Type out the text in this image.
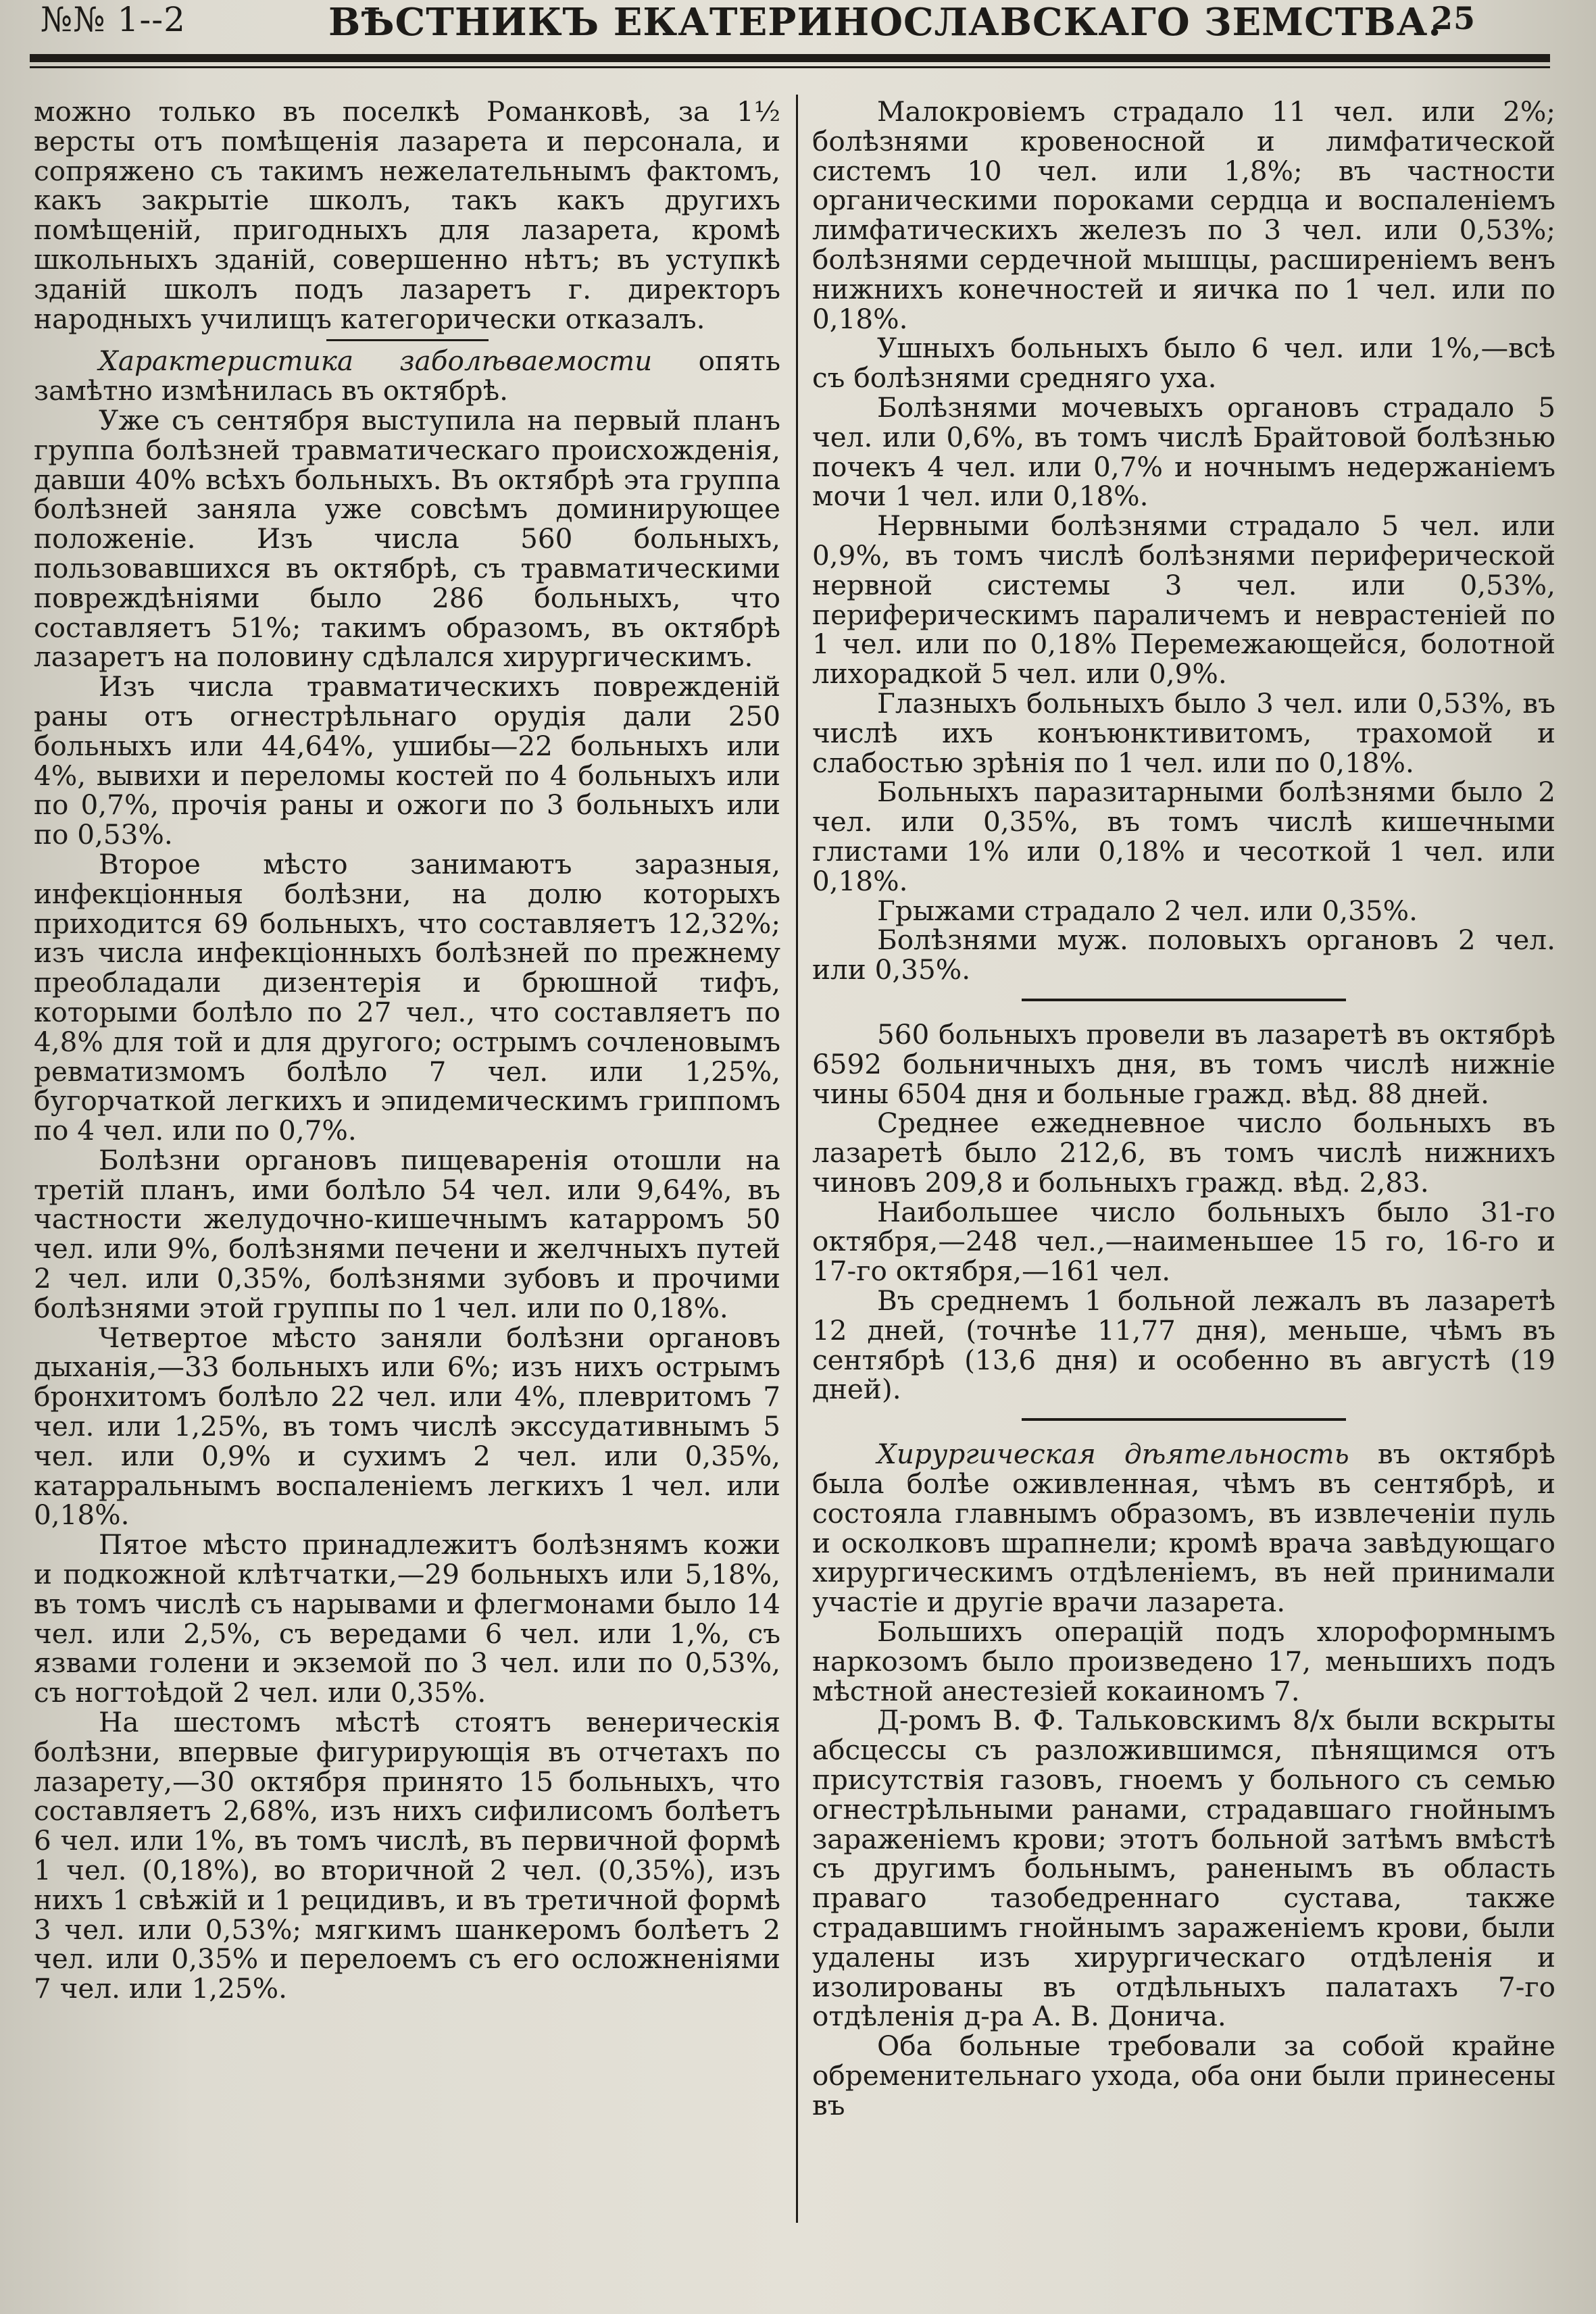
№№ 1--2	ВѢСТНИКЪ ЕКАТЕРИНОСЛАВСКАГО ЗЕМСТВА.
25

можно только въ поселкѣ Романковѣ, за 1½ версты отъ помѣщенія лазарета и персонала, и сопряжено съ такимъ нежелательнымъ фактомъ, какъ закрытіе школъ, такъ какъ другихъ помѣщеній, пригодныхъ для лазарета, кромѣ школьныхъ зданій, совершенно нѣтъ; въ уступкѣ зданій школъ подъ лазаретъ г. директоръ народныхъ училищъ категорически отказалъ.

Характеристика заболѣваемости опять замѣтно измѣнилась въ октябрѣ.

Уже съ сентября выступила на первый планъ группа болѣзней травматическаго происхожденія, давши 40% всѣхъ больныхъ. Въ октябрѣ эта группа болѣзней заняла уже совсѣмъ доминирующее положеніе. Изъ числа 560 больныхъ, пользовавшихся въ октябрѣ, съ травматическими повреждѣніями было 286 больныхъ, что составляетъ 51%; такимъ образомъ, въ октябрѣ лазаретъ на половину сдѣлался хирургическимъ.

Изъ числа травматическихъ поврежденій раны отъ огнестрѣльнаго орудія дали 250 больныхъ или 44,64%, ушибы—22 больныхъ или 4%, вывихи и переломы костей по 4 больныхъ или по 0,7%, прочія раны и ожоги по 3 больныхъ или по 0,53%.

Второе мѣсто занимаютъ заразныя, инфекціонныя болѣзни, на долю которыхъ приходится 69 больныхъ, что составляетъ 12,32%; изъ числа инфекціонныхъ болѣзней по прежнему преобладали дизентерія и брюшной тифъ, которыми болѣло по 27 чел., что составляетъ по 4,8% для той и для другого; острымъ сочленовымъ ревматизмомъ болѣло 7 чел. или 1,25%, бугорчаткой легкихъ и эпидемическимъ гриппомъ по 4 чел. или по 0,7%.

Болѣзни органовъ пищеваренія отошли на третій планъ, ими болѣло 54 чел. или 9,64%, въ частности желудочно-кишечнымъ катарромъ 50 чел. или 9%, болѣзнями печени и желчныхъ путей 2 чел. или 0,35%, болѣзнями зубовъ и прочими болѣзнями этой группы по 1 чел. или по 0,18%.

Четвертое мѣсто заняли болѣзни органовъ дыханія,—33 больныхъ или 6%; изъ нихъ острымъ бронхитомъ болѣло 22 чел. или 4%, плевритомъ 7 чел. или 1,25%, въ томъ числѣ экссудативнымъ 5 чел. или 0,9% и сухимъ 2 чел. или 0,35%, катарральнымъ воспаленіемъ легкихъ 1 чел. или 0,18%.

Пятое мѣсто принадлежитъ болѣзнямъ кожи и подкожной клѣтчатки,—29 больныхъ или 5,18%, въ томъ числѣ съ нарывами и флегмонами было 14 чел. или 2,5%, съ вередами 6 чел. или 1,%, съ язвами голени и экземой по 3 чел. или по 0,53%, съ ногтоѣдой 2 чел. или 0,35%.

На шестомъ мѣстѣ стоятъ венерическія болѣзни, впервые фигурирующія въ отчетахъ по лазарету,—30 октября принято 15 больныхъ, что составляетъ 2,68%, изъ нихъ сифилисомъ болѣетъ 6 чел. или 1%, въ томъ числѣ, въ первичной формѣ 1 чел. (0,18%), во вторичной 2 чел. (0,35%), изъ нихъ 1 свѣжій и 1 рецидивъ, и въ третичной формѣ 3 чел. или 0,53%; мягкимъ шанкеромъ болѣетъ 2 чел. или 0,35% и перелоемъ съ его осложненіями 7 чел. или 1,25%.

Малокровіемъ страдало 11 чел. или 2%; болѣзнями кровеносной и лимфатической системъ 10 чел. или 1,8%; въ частности органическими пороками сердца и воспаленіемъ лимфатическихъ железъ по 3 чел. или 0,53%; болѣзнями сердечной мышцы, расширеніемъ венъ нижнихъ конечностей и яичка по 1 чел. или по 0,18%.

Ушныхъ больныхъ было 6 чел. или 1%,—всѣ съ болѣзнями средняго уха.

Болѣзнями мочевыхъ органовъ страдало 5 чел. или 0,6%, въ томъ числѣ Брайтовой болѣзнью почекъ 4 чел. или 0,7% и ночнымъ недержаніемъ мочи 1 чел. или 0,18%.

Нервными болѣзнями страдало 5 чел. или 0,9%, въ томъ числѣ болѣзнями периферической нервной системы 3 чел. или 0,53%, периферическимъ параличемъ и неврастеніей по 1 чел. или по 0,18% Перемежающейся, болотной лихорадкой 5 чел. или 0,9%.

Глазныхъ больныхъ было 3 чел. или 0,53%, въ числѣ ихъ конъюнктивитомъ, трахомой и слабостью зрѣнія по 1 чел. или по 0,18%.

Больныхъ паразитарными болѣзнями было 2 чел. или 0,35%, въ томъ числѣ кишечными глистами 1% или 0,18% и чесоткой 1 чел. или 0,18%.

Грыжами страдало 2 чел. или 0,35%.

Болѣзнями муж. половыхъ органовъ 2 чел. или 0,35%.

560 больныхъ провели въ лазаретѣ въ октябрѣ 6592 больничныхъ дня, въ томъ числѣ нижніе чины 6504 дня и больные гражд. вѣд. 88 дней.

Среднее ежедневное число больныхъ въ лазаретѣ было 212,6, въ томъ числѣ нижнихъ чиновъ 209,8 и больныхъ гражд. вѣд. 2,83.

Наибольшее число больныхъ было 31-го октября,—248 чел.,—наименьшее 15 го, 16-го и 17-го октября,—161 чел.

Въ среднемъ 1 больной лежалъ въ лазаретѣ 12 дней, (точнѣе 11,77 дня), меньше, чѣмъ въ сентябрѣ (13,6 дня) и особенно въ августѣ (19 дней).

Хирургическая дѣятельность въ октябрѣ была болѣе оживленная, чѣмъ въ сентябрѣ, и состояла главнымъ образомъ, въ извлеченіи пуль и осколковъ шрапнели; кромѣ врача завѣдующаго хирургическимъ отдѣленіемъ, въ ней принимали участіе и другіе врачи лазарета.

Большихъ операцій подъ хлороформнымъ наркозомъ было произведено 17, меньшихъ подъ мѣстной анестезіей кокаиномъ 7.

Д-ромъ В. Ф. Тальковскимъ 8/х были вскрыты абсцессы съ разложившимся, пѣнящимся отъ присутствія газовъ, гноемъ у больного съ семью огнестрѣльными ранами, страдавшаго гнойнымъ зараженіемъ крови; этотъ больной затѣмъ вмѣстѣ съ другимъ больнымъ, раненымъ въ область праваго тазобедреннаго сустава, также страдавшимъ гнойнымъ зараженіемъ крови, были удалены изъ хирургическаго отдѣленія и изолированы въ отдѣльныхъ палатахъ 7-го отдѣленія д-ра А. В. Донича.

Оба больные требовали за собой крайне обременительнаго ухода, оба они были принесены въ
